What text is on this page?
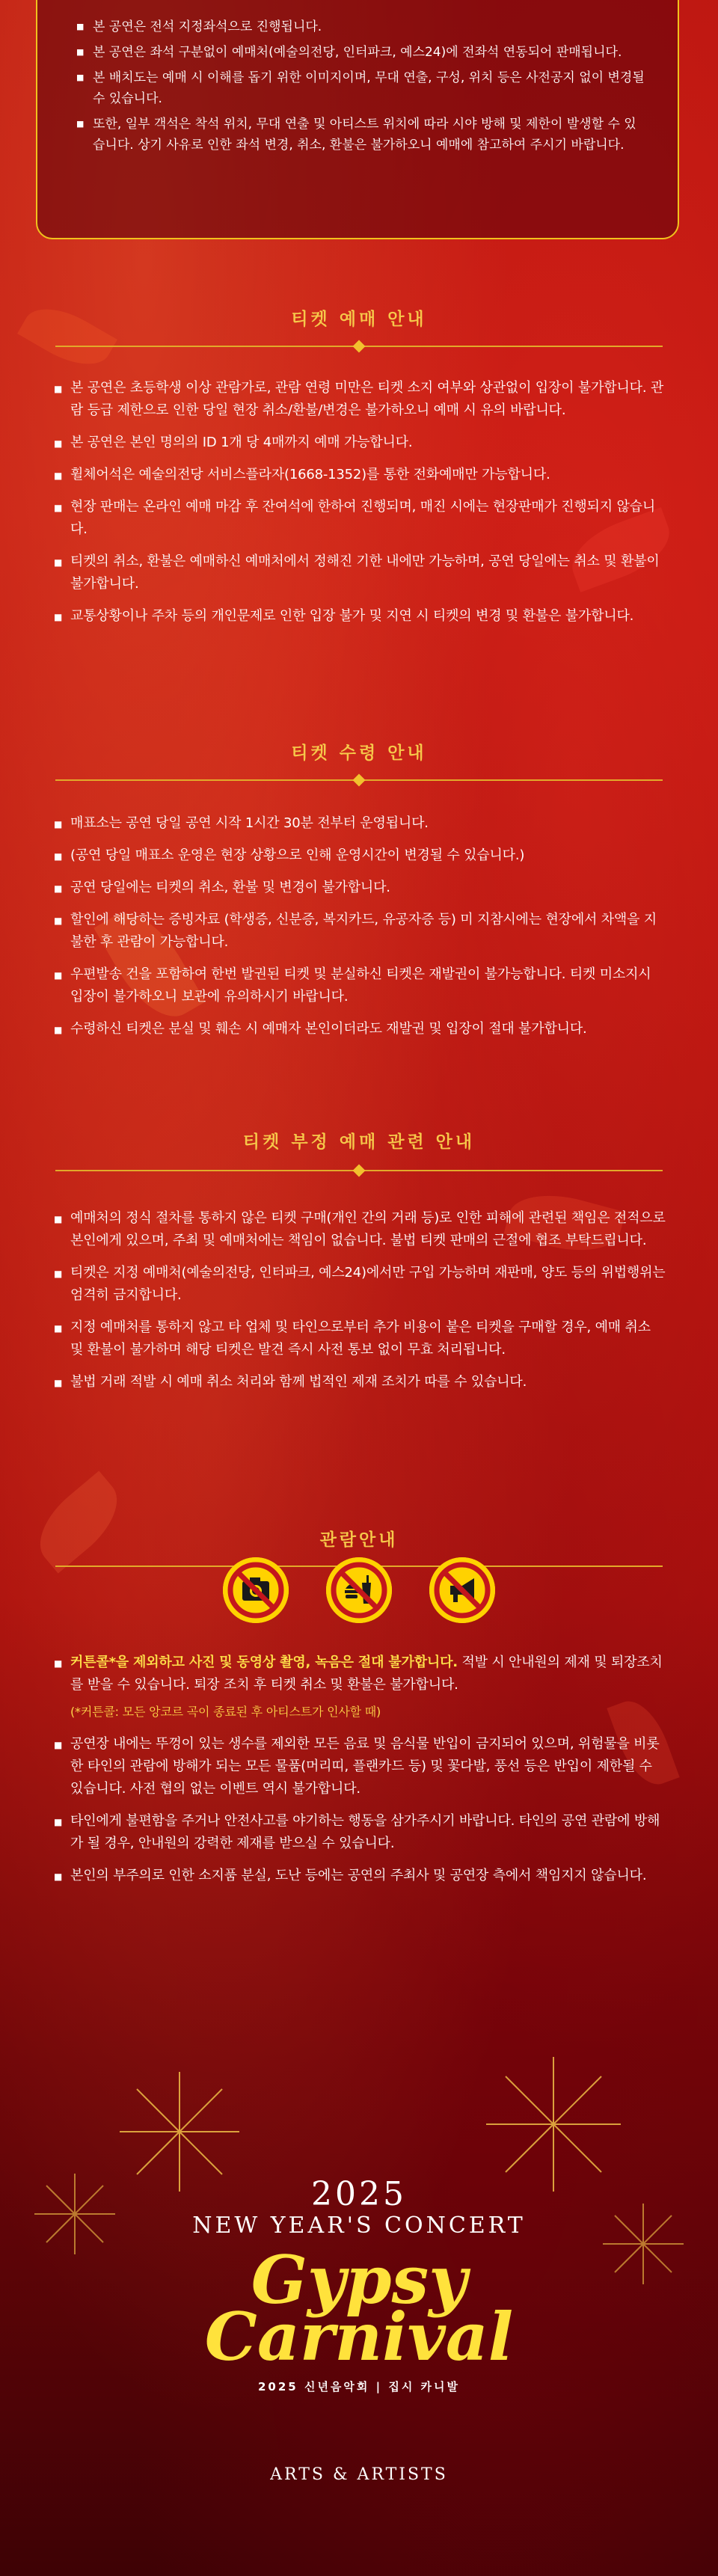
■ 본 공연은 전석 지정좌석으로 진행됩니다.
■ 본 공연은 좌석 구분없이 예매처(예술의전당, 인터파크, 예스24)에 전좌석 연동되어 판매됩니다.
■ 본 배치도는 예매 시 이해를 돕기 위한 이미지이며, 무대 연출, 구성, 위치 등은 사전공지 없이 변경될 수 있습니다.
■ 또한, 일부 객석은 착석 위치, 무대 연출 및 아티스트 위치에 따라 시야 방해 및 제한이 발생할 수 있습니다. 상기 사유로 인한 좌석 변경, 취소, 환불은 불가하오니 예매에 참고하여 주시기 바랍니다.
티켓 예매 안내
■ 본 공연은 초등학생 이상 관람가로, 관람 연령 미만은 티켓 소지 여부와 상관없이 입장이 불가합니다. 관람 등급 제한으로 인한 당일 현장 취소/환불/변경은 불가하오니 예매 시 유의 바랍니다.
■ 본 공연은 본인 명의의 ID 1개 당 4매까지 예매 가능합니다.
■ 휠체어석은 예술의전당 서비스플라자(1668-1352)를 통한 전화예매만 가능합니다.
■ 현장 판매는 온라인 예매 마감 후 잔여석에 한하여 진행되며, 매진 시에는 현장판매가 진행되지 않습니다.
■ 티켓의 취소, 환불은 예매하신 예매처에서 정해진 기한 내에만 가능하며, 공연 당일에는 취소 및 환불이 불가합니다.
■ 교통상황이나 주차 등의 개인문제로 인한 입장 불가 및 지연 시 티켓의 변경 및 환불은 불가합니다.
티켓 수령 안내
■ 매표소는 공연 당일 공연 시작 1시간 30분 전부터 운영됩니다.
■ (공연 당일 매표소 운영은 현장 상황으로 인해 운영시간이 변경될 수 있습니다.)
■ 공연 당일에는 티켓의 취소, 환불 및 변경이 불가합니다.
■ 할인에 해당하는 증빙자료 (학생증, 신분증, 복지카드, 유공자증 등) 미 지참시에는 현장에서 차액을 지불한 후 관람이 가능합니다.
■ 우편발송 건을 포함하여 한번 발권된 티켓 및 분실하신 티켓은 재발권이 불가능합니다. 티켓 미소지시 입장이 불가하오니 보관에 유의하시기 바랍니다.
■ 수령하신 티켓은 분실 및 훼손 시 예매자 본인이더라도 재발권 및 입장이 절대 불가합니다.
티켓 부정 예매 관련 안내
■ 예매처의 정식 절차를 통하지 않은 티켓 구매(개인 간의 거래 등)로 인한 피해에 관련된 책임은 전적으로 본인에게 있으며, 주최 및 예매처에는 책임이 없습니다. 불법 티켓 판매의 근절에 협조 부탁드립니다.
■ 티켓은 지정 예매처(예술의전당, 인터파크, 예스24)에서만 구입 가능하며 재판매, 양도 등의 위법행위는 엄격히 금지합니다.
■ 지정 예매처를 통하지 않고 타 업체 및 타인으로부터 추가 비용이 붙은 티켓을 구매할 경우, 예매 취소 및 환불이 불가하며 해당 티켓은 발견 즉시 사전 통보 없이 무효 처리됩니다.
■ 불법 거래 적발 시 예매 취소 처리와 함께 법적인 제재 조치가 따를 수 있습니다.
관람안내
■ 커튼콜*을 제외하고 사진 및 동영상 촬영, 녹음은 절대 불가합니다. 적발 시 안내원의 제재 및 퇴장조치를 받을 수 있습니다. 퇴장 조치 후 티켓 취소 및 환불은 불가합니다.
(*커튼콜: 모든 앙코르 곡이 종료된 후 아티스트가 인사할 때)
■ 공연장 내에는 뚜껑이 있는 생수를 제외한 모든 음료 및 음식물 반입이 금지되어 있으며, 위험물을 비롯한 타인의 관람에 방해가 되는 모든 물품(머리띠, 플랜카드 등) 및 꽃다발, 풍선 등은 반입이 제한될 수 있습니다. 사전 협의 없는 이벤트 역시 불가합니다.
■ 타인에게 불편함을 주거나 안전사고를 야기하는 행동을 삼가주시기 바랍니다. 타인의 공연 관람에 방해가 될 경우, 안내원의 강력한 제재를 받으실 수 있습니다.
■ 본인의 부주의로 인한 소지품 분실, 도난 등에는 공연의 주최사 및 공연장 측에서 책임지지 않습니다.
2025
NEW YEAR'S CONCERT
Gypsy
Carnival
2025 신년음악회 | 집시 카니발
ARTS & ARTISTS
